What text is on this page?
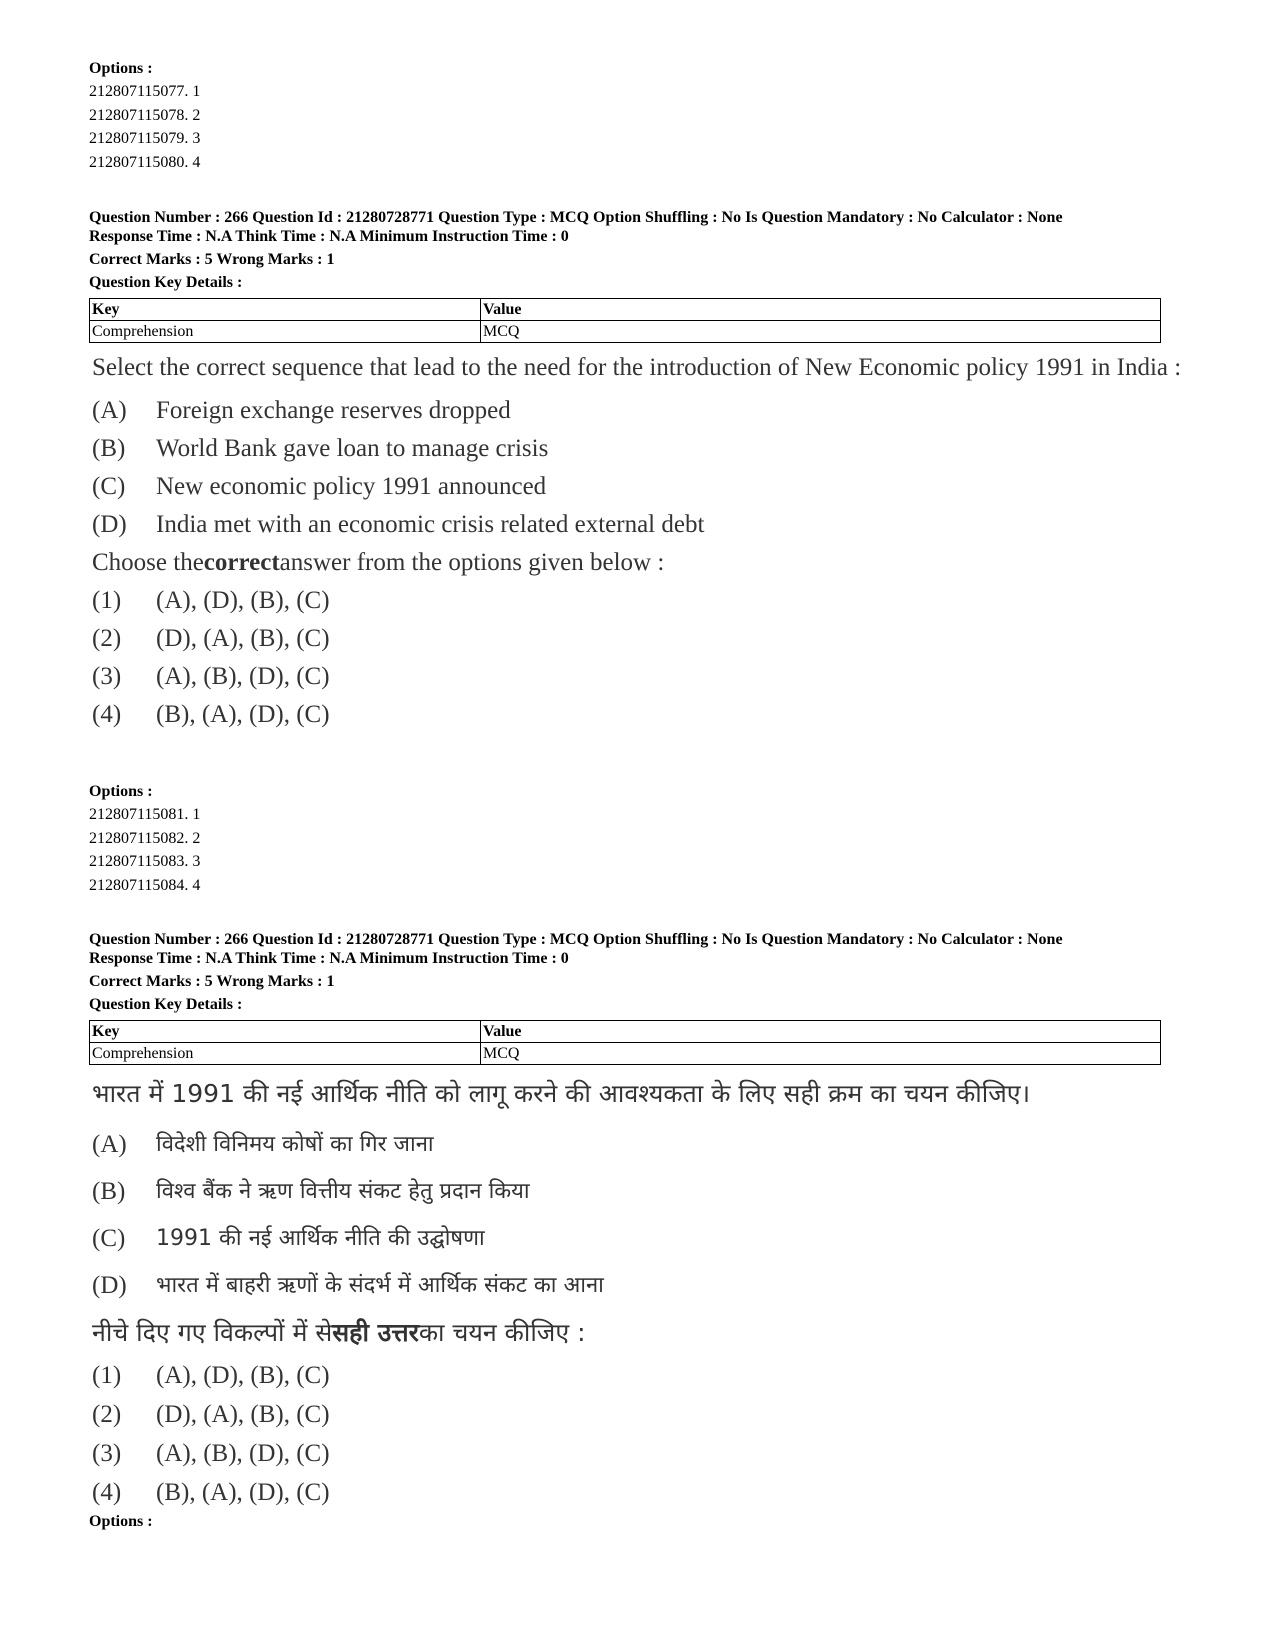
Options :
212807115077. 1
212807115078. 2
212807115079. 3
212807115080. 4
Question Number : 266 Question Id : 21280728771 Question Type : MCQ Option Shuffling : No Is Question Mandatory : No Calculator : None
Response Time : N.A Think Time : N.A Minimum Instruction Time : 0
Correct Marks : 5 Wrong Marks : 1
Question Key Details :
Key	Value
Comprehension	MCQ
Select the correct sequence that lead to the need for the introduction of New Economic policy 1991 in India :
(A)	Foreign exchange reserves dropped
(B)	World Bank gave loan to manage crisis
(C)	New economic policy 1991 announced
(D)	India met with an economic crisis related external debt
Choose the correct answer from the options given below :
(1)	(A), (D), (B), (C)
(2)	(D), (A), (B), (C)
(3)	(A), (B), (D), (C)
(4)	(B), (A), (D), (C)
Options :
212807115081. 1
212807115082. 2
212807115083. 3
212807115084. 4
Question Number : 266 Question Id : 21280728771 Question Type : MCQ Option Shuffling : No Is Question Mandatory : No Calculator : None
Response Time : N.A Think Time : N.A Minimum Instruction Time : 0
Correct Marks : 5 Wrong Marks : 1
Question Key Details :
Key	Value
Comprehension	MCQ
भारत में 1991 की नई आर्थिक नीति को लागू करने की आवश्यकता के लिए सही क्रम का चयन कीजिए।
(A)	विदेशी विनिमय कोषों का गिर जाना
(B)	विश्व बैंक ने ऋण वित्तीय संकट हेतु प्रदान किया
(C)	1991 की नई आर्थिक नीति की उद्घोषणा
(D)	भारत में बाहरी ऋणों के संदर्भ में आर्थिक संकट का आना
नीचे दिए गए विकल्पों में से सही उत्तर का चयन कीजिए :
(1)	(A), (D), (B), (C)
(2)	(D), (A), (B), (C)
(3)	(A), (B), (D), (C)
(4)	(B), (A), (D), (C)
Options :
